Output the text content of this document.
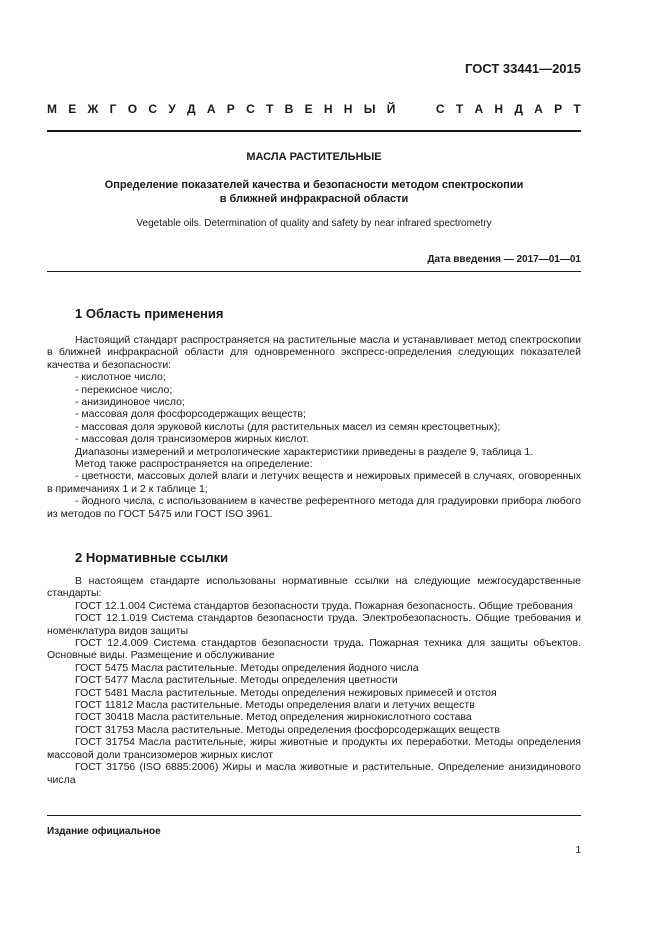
ГОСТ 33441—2015
М Е Ж Г О С У Д А Р С Т В Е Н Н Ы Й	С Т А Н Д А Р Т
МАСЛА РАСТИТЕЛЬНЫЕ
Определение показателей качества и безопасности методом спектроскопии
в ближней инфракрасной области
Vegetable oils. Determination of quality and safety by near infrared spectrometry
Дата введения — 2017—01—01
1 Область применения

Настоящий стандарт распространяется на растительные масла и устанавливает метод спектроскопии в ближней инфракрасной области для одновременного экспресс-определения следующих показателей качества и безопасности:

- кислотное число;

- перекисное число;

- анизидиновое число;

- массовая доля фосфорсодержащих веществ;

- массовая доля эруковой кислоты (для растительных масел из семян крестоцветных);

- массовая доля трансизомеров жирных кислот.

Диапазоны измерений и метрологические характеристики приведены в разделе 9, таблица 1.

Метод также распространяется на определение:

- цветности, массовых долей влаги и летучих веществ и нежировых примесей в случаях, оговоренных в примечаниях 1 и 2 к таблице 1;

- йодного числа, с использованием в качестве референтного метода для градуировки прибора любого из методов по ГОСТ 5475 или ГОСТ ISO 3961.

2 Нормативные ссылки

В настоящем стандарте использованы нормативные ссылки на следующие межгосударственные стандарты:

ГОСТ 12.1.004 Система стандартов безопасности труда. Пожарная безопасность. Общие требования

ГОСТ 12.1.019 Система стандартов безопасности труда. Электробезопасность. Общие требования и номенклатура видов защиты

ГОСТ 12.4.009 Система стандартов безопасности труда. Пожарная техника для защиты объектов. Основные виды. Размещение и обслуживание

ГОСТ 5475 Масла растительные. Методы определения йодного числа

ГОСТ 5477 Масла растительные. Методы определения цветности

ГОСТ 5481 Масла растительные. Методы определения нежировых примесей и отстоя

ГОСТ 11812 Масла растительные. Методы определения влаги и летучих веществ

ГОСТ 30418 Масла растительные. Метод определения жирнокислотного состава

ГОСТ 31753 Масла растительные. Методы определения фосфорсодержащих веществ

ГОСТ 31754 Масла растительные, жиры животные и продукты их переработки. Методы определения массовой доли трансизомеров жирных кислот

ГОСТ 31756 (ISO 6885:2006) Жиры и масла животные и растительные. Определение анизидинового числа

Издание официальное
1
